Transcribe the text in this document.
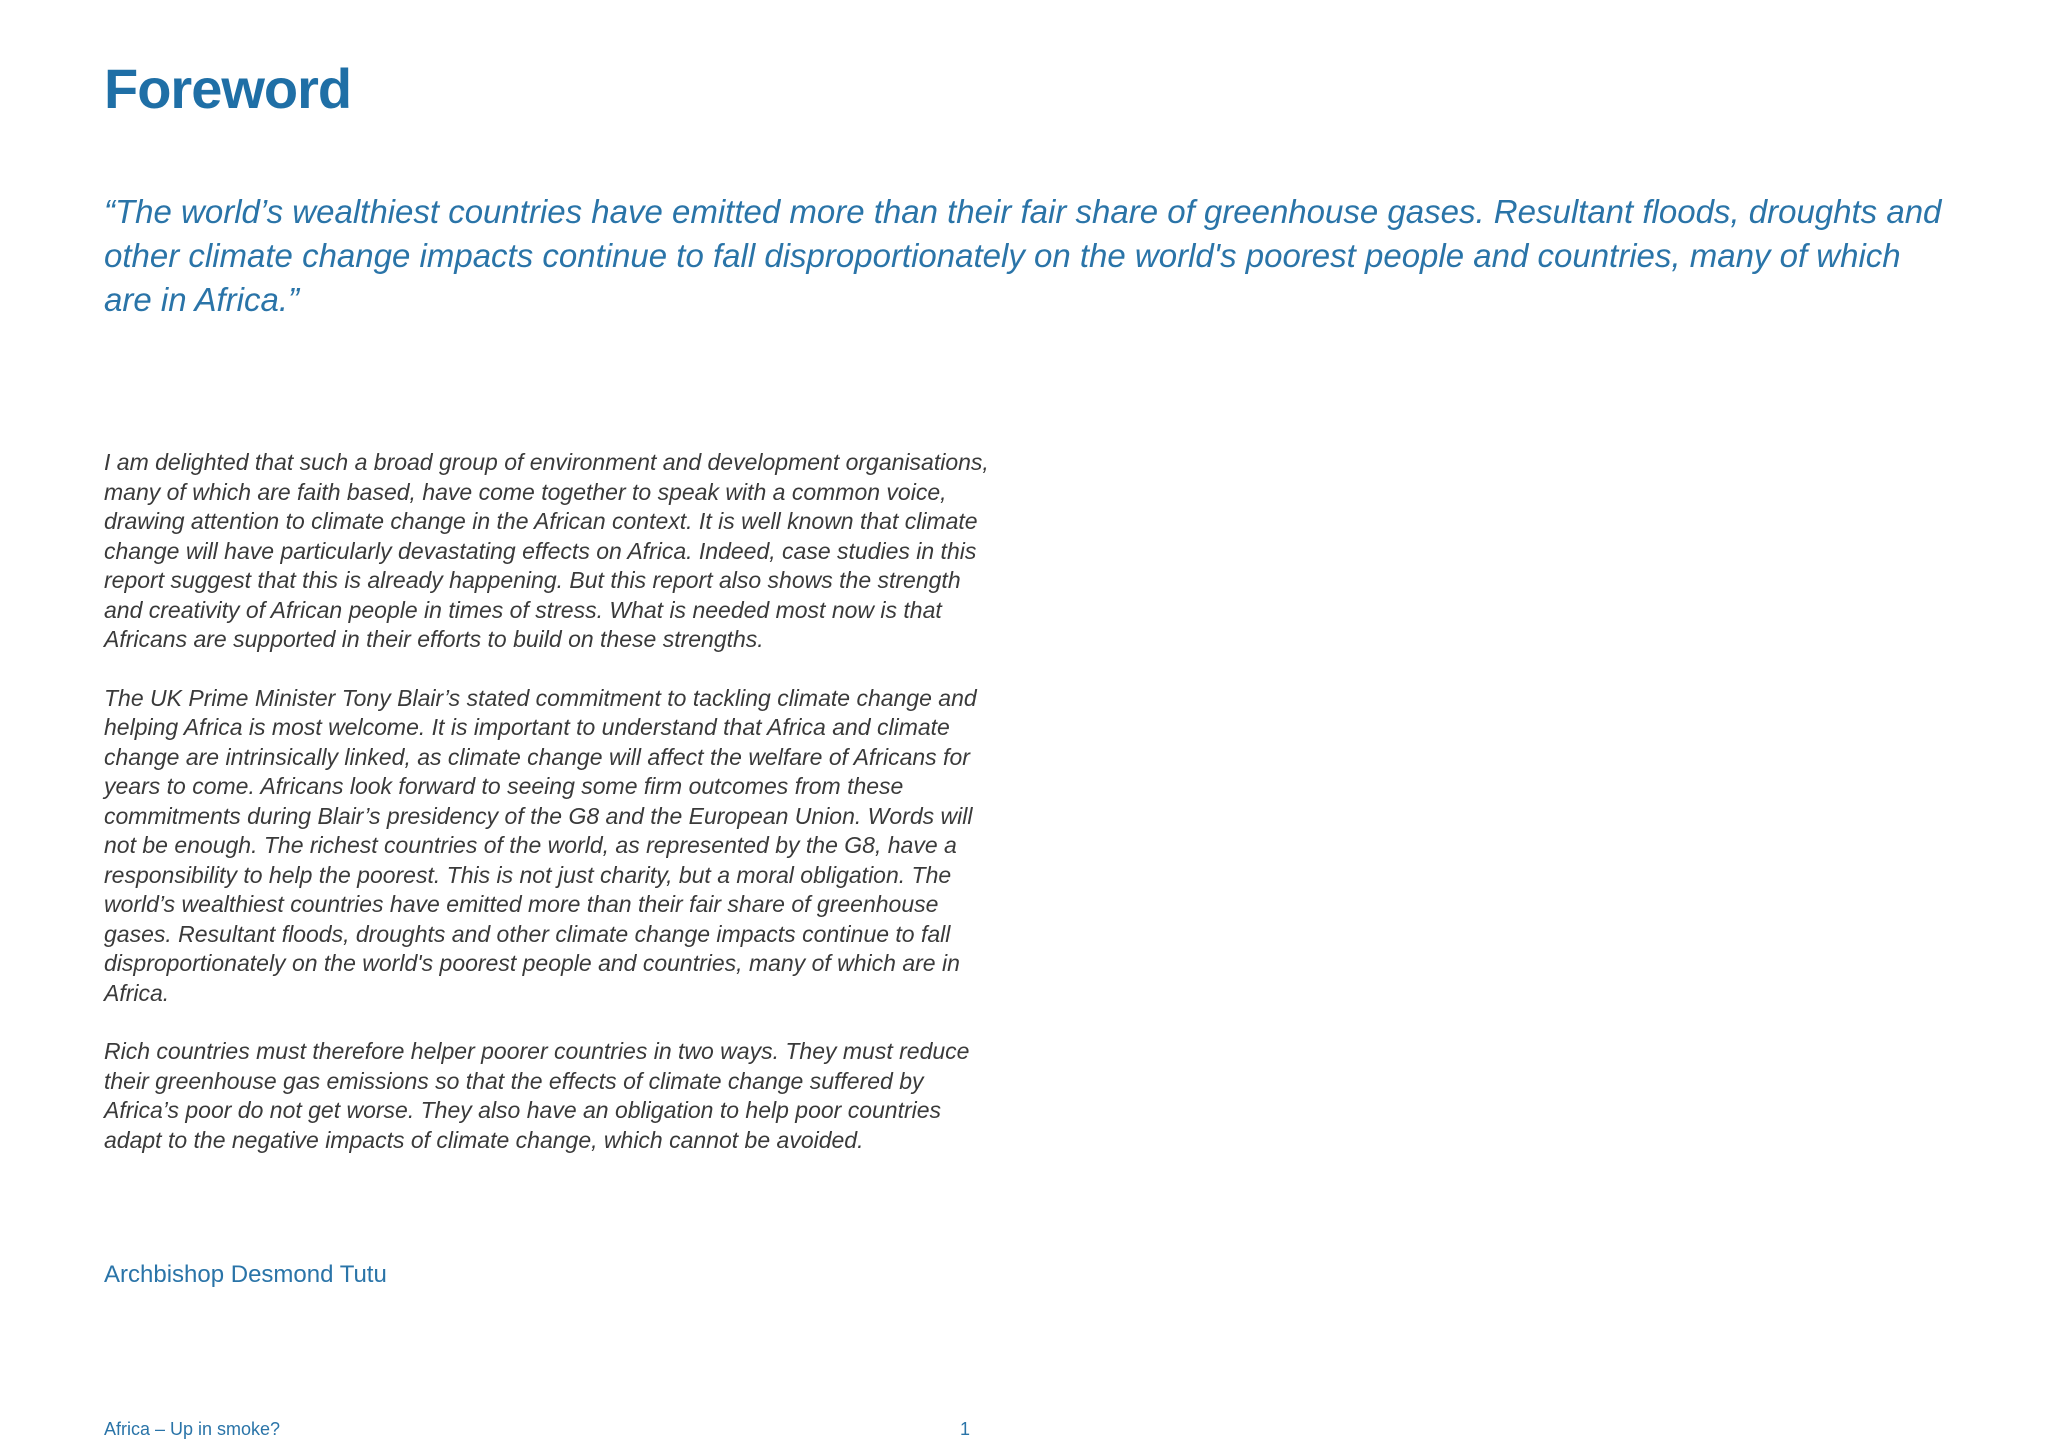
Foreword

“The world’s wealthiest countries have emitted more than their fair share of greenhouse gases. Resultant floods, droughts and other climate change impacts continue to fall disproportionately on the world's poorest people and countries, many of which are in Africa.”

I am delighted that such a broad group of environment and development organisations, many of which are faith based, have come together to speak with a common voice, drawing attention to climate change in the African context. It is well known that climate change will have particularly devastating effects on Africa. Indeed, case studies in this report suggest that this is already happening. But this report also shows the strength and creativity of African people in times of stress. What is needed most now is that Africans are supported in their efforts to build on these strengths.

The UK Prime Minister Tony Blair’s stated commitment to tackling climate change and helping Africa is most welcome. It is important to understand that Africa and climate change are intrinsically linked, as climate change will affect the welfare of Africans for years to come. Africans look forward to seeing some firm outcomes from these commitments during Blair’s presidency of the G8 and the European Union. Words will not be enough. The richest countries of the world, as represented by the G8, have a responsibility to help the poorest. This is not just charity, but a moral obligation. The world’s wealthiest countries have emitted more than their fair share of greenhouse gases. Resultant floods, droughts and other climate change impacts continue to fall disproportionately on the world's poorest people and countries, many of which are in Africa.

Rich countries must therefore helper poorer countries in two ways. They must reduce their greenhouse gas emissions so that the effects of climate change suffered by Africa’s poor do not get worse. They also have an obligation to help poor countries adapt to the negative impacts of climate change, which cannot be avoided.

Archbishop Desmond Tutu

Africa – Up in smoke?	1
